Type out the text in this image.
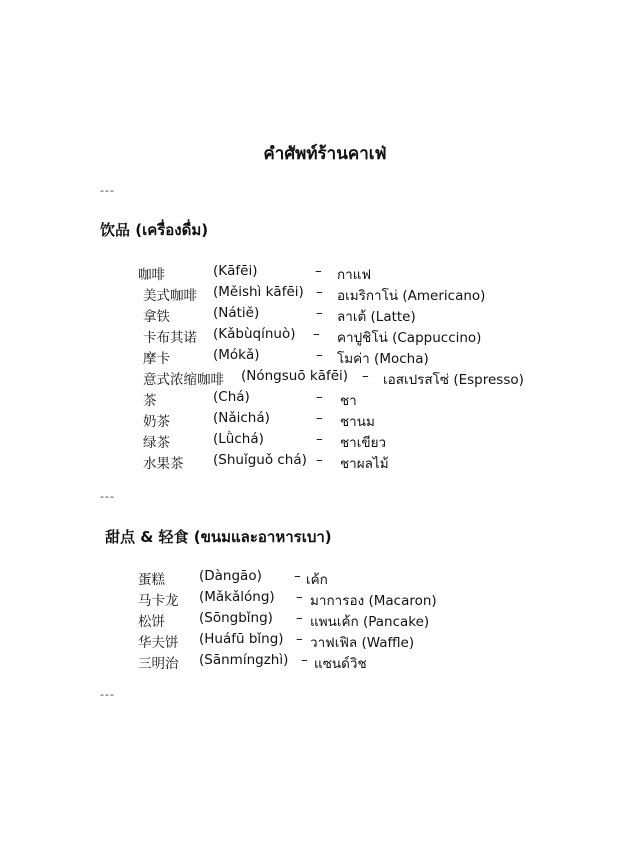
คำศัพท์ร้านคาเฟ่
---
饮品 (เครื่องดื่ม)
咖啡	(Kāfēi)	– กาแฟ
美式咖啡 (Měishì kāfēi) – อเมริกาโน่ (Americano)
拿铁	(Nátiě)	– ลาเต้ (Latte)
卡布其诺 (Kǎbùqínuò) – คาปูชิโน่ (Cappuccino)
摩卡	(Mókǎ)	– โมค่า (Mocha)
意式浓缩咖啡 (Nóngsuō kāfēi) – เอสเปรสโซ่ (Espresso)
茶	(Chá)	– ชา
奶茶	(Nǎichá)	– ชานม
绿茶	(Lǜchá)	– ชาเขียว
水果茶 (Shuǐguǒ chá) – ชาผลไม้
---
甜点 & 轻食 (ขนมและอาหารเบา)
蛋糕	(Dàngāo) – เค้ก
马卡龙 (Mǎkǎlóng) – มาการอง (Macaron)
松饼	(Sōngbǐng) – แพนเค้ก (Pancake)
华夫饼 (Huáfū bǐng) – วาฟเฟิล (Waffle)
三明治 (Sānmíngzhì) – แซนด์วิช
---
